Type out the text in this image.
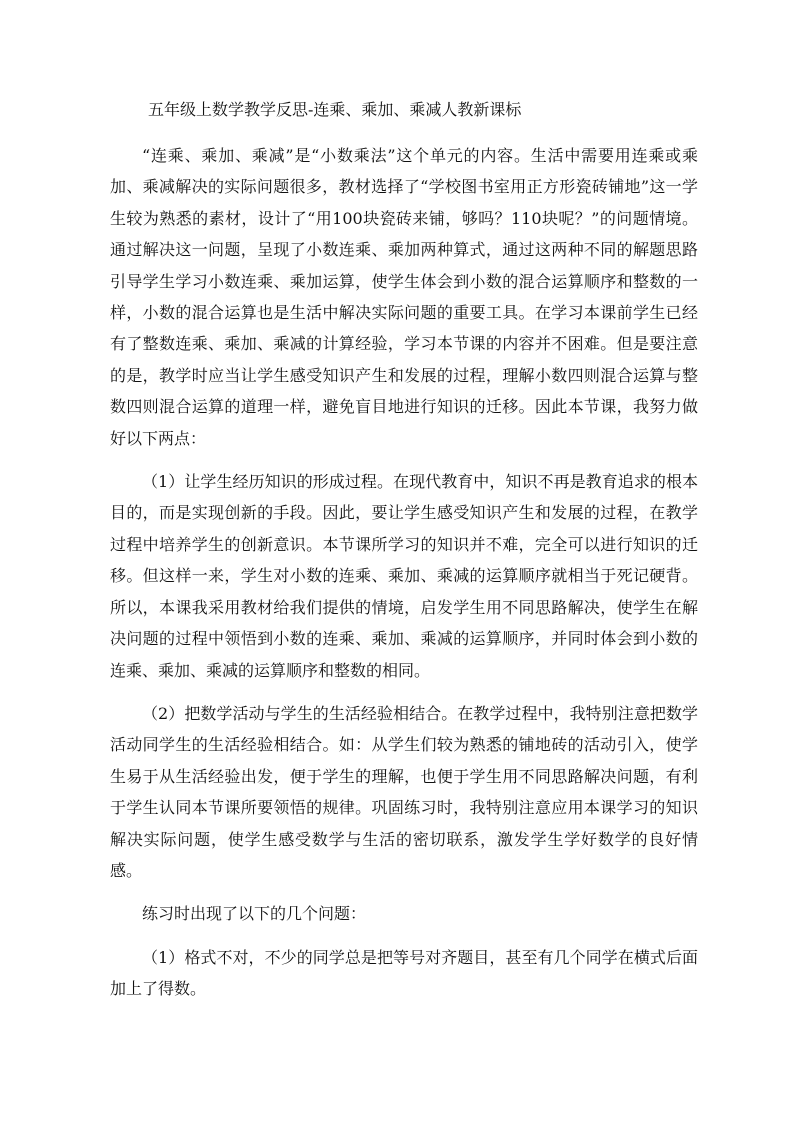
五年级上数学教学反思-连乘、乘加、乘减人教新课标

“连乘、乘加、乘减”是“小数乘法”这个单元的内容。生活中需要用连乘或乘加、乘减解决的实际问题很多，教材选择了“学校图书室用正方形瓷砖铺地”这一学生较为熟悉的素材，设计了“用100块瓷砖来铺，够吗？110块呢？”的问题情境。通过解决这一问题，呈现了小数连乘、乘加两种算式，通过这两种不同的解题思路引导学生学习小数连乘、乘加运算，使学生体会到小数的混合运算顺序和整数的一样，小数的混合运算也是生活中解决实际问题的重要工具。在学习本课前学生已经有了整数连乘、乘加、乘减的计算经验，学习本节课的内容并不困难。但是要注意的是，教学时应当让学生感受知识产生和发展的过程，理解小数四则混合运算与整数四则混合运算的道理一样，避免盲目地进行知识的迁移。因此本节课，我努力做好以下两点：

（1）让学生经历知识的形成过程。在现代教育中，知识不再是教育追求的根本目的，而是实现创新的手段。因此，要让学生感受知识产生和发展的过程，在教学过程中培养学生的创新意识。本节课所学习的知识并不难，完全可以进行知识的迁移。但这样一来，学生对小数的连乘、乘加、乘减的运算顺序就相当于死记硬背。所以，本课我采用教材给我们提供的情境，启发学生用不同思路解决，使学生在解决问题的过程中领悟到小数的连乘、乘加、乘减的运算顺序，并同时体会到小数的连乘、乘加、乘减的运算顺序和整数的相同。

（2）把数学活动与学生的生活经验相结合。在教学过程中，我特别注意把数学活动同学生的生活经验相结合。如：从学生们较为熟悉的铺地砖的活动引入，使学生易于从生活经验出发，便于学生的理解，也便于学生用不同思路解决问题，有利于学生认同本节课所要领悟的规律。巩固练习时，我特别注意应用本课学习的知识解决实际问题，使学生感受数学与生活的密切联系，激发学生学好数学的良好情感。

练习时出现了以下的几个问题：

（1）格式不对，不少的同学总是把等号对齐题目，甚至有几个同学在横式后面加上了得数。
